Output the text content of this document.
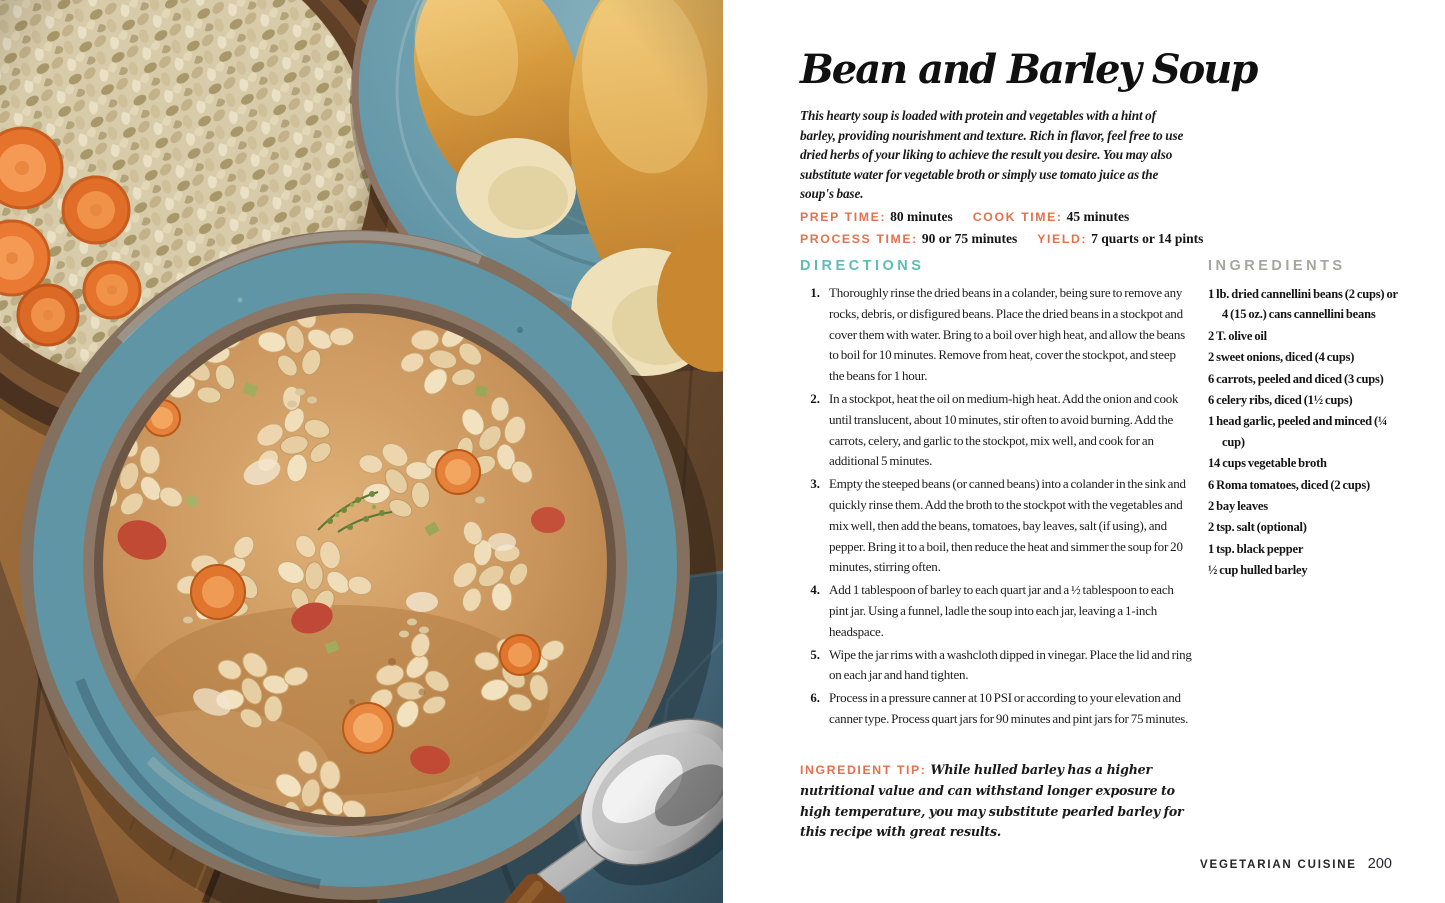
Bean and Barley Soup

This hearty soup is loaded with protein and vegetables with a hint of barley, providing nourishment and texture. Rich in flavor, feel free to use dried herbs of your liking to achieve the result you desire. You may also substitute water for vegetable broth or simply use tomato juice as the soup's base.

PREP TIME: 80 minutes COOK TIME: 45 minutes
PROCESS TIME: 90 or 75 minutes YIELD: 7 quarts or 14 pints
DIRECTIONS
1. Thoroughly rinse the dried beans in a colander, being sure to remove any rocks, debris, or disfigured beans. Place the dried beans in a stockpot and cover them with water. Bring to a boil over high heat, and allow the beans to boil for 10 minutes. Remove from heat, cover the stockpot, and steep the beans for 1 hour.
2. In a stockpot, heat the oil on medium-high heat. Add the onion and cook until translucent, about 10 minutes, stir often to avoid burning. Add the carrots, celery, and garlic to the stockpot, mix well, and cook for an additional 5 minutes.
3. Empty the steeped beans (or canned beans) into a colander in the sink and quickly rinse them. Add the broth to the stockpot with the vegetables and mix well, then add the beans, tomatoes, bay leaves, salt (if using), and pepper. Bring it to a boil, then reduce the heat and simmer the soup for 20 minutes, stirring often.
4. Add 1 tablespoon of barley to each quart jar and a ½ tablespoon to each pint jar. Using a funnel, ladle the soup into each jar, leaving a 1-inch headspace.
5. Wipe the jar rims with a washcloth dipped in vinegar. Place the lid and ring on each jar and hand tighten.
6. Process in a pressure canner at 10 PSI or according to your elevation and canner type. Process quart jars for 90 minutes and pint jars for 75 minutes.
INGREDIENTS
1 lb. dried cannellini beans (2 cups) or 4 (15 oz.) cans cannellini beans
2 T. olive oil
2 sweet onions, diced (4 cups)
6 carrots, peeled and diced (3 cups)
6 celery ribs, diced (1½ cups)
1 head garlic, peeled and minced (¼ cup)
14 cups vegetable broth
6 Roma tomatoes, diced (2 cups)
2 bay leaves
2 tsp. salt (optional)
1 tsp. black pepper
½ cup hulled barley

INGREDIENT TIP: While hulled barley has a higher nutritional value and can withstand longer exposure to high temperature, you may substitute pearled barley for this recipe with great results.

VEGETARIAN CUISINE 200
